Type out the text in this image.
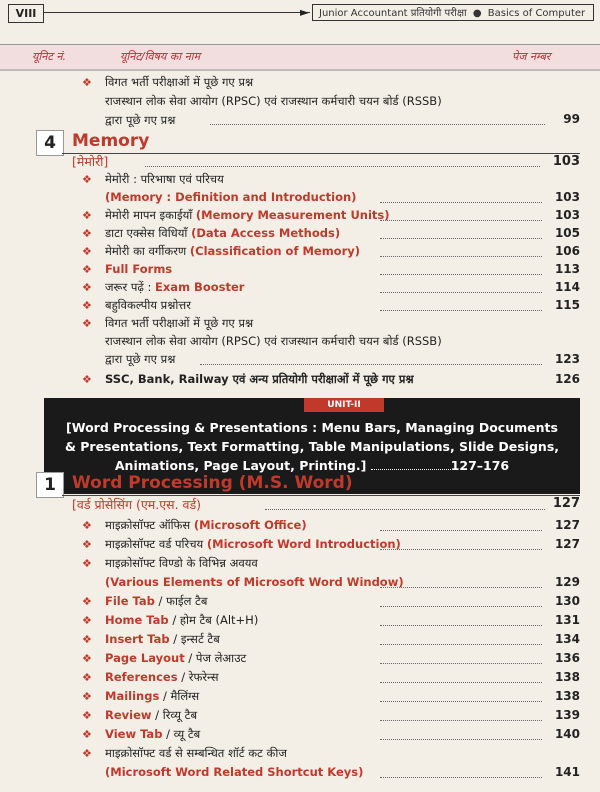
VIII	► Junior Accountant प्रतियोगी परीक्षा ● Basics of Computer
यूनिट नं.	यूनिट/विषय का नाम	पेज नम्बर
❖ विगत भर्ती परीक्षाओं में पूछे गए प्रश्न
राजस्थान लोक सेवा आयोग (RPSC) एवं राजस्थान कर्मचारी चयन बोर्ड (RSSB)
द्वारा पूछे गए प्रश्न	99
4 Memory
[मेमोरी]	103
❖ मेमोरी : परिभाषा एवं परिचय
(Memory : Definition and Introduction)	103
❖ मेमोरी मापन इकाईयाँ (Memory Measurement Units)	103
❖ डाटा एक्सेस विधियाँ (Data Access Methods)	105
❖ मेमोरी का वर्गीकरण (Classification of Memory)	106
❖ Full Forms	113
❖ जरूर पढ़ें : Exam Booster	114
❖ बहुविकल्पीय प्रश्नोत्तर	115
❖ विगत भर्ती परीक्षाओं में पूछे गए प्रश्न
राजस्थान लोक सेवा आयोग (RPSC) एवं राजस्थान कर्मचारी चयन बोर्ड (RSSB)
द्वारा पूछे गए प्रश्न	123
❖ SSC, Bank, Railway एवं अन्य प्रतियोगी परीक्षाओं में पूछे गए प्रश्न	126
UNIT-II
[Word Processing & Presentations : Menu Bars, Managing Documents
& Presentations, Text Formatting, Table Manipulations, Slide Designs,
Animations, Page Layout, Printing.]	127–176
1 Word Processing (M.S. Word)
[वर्ड प्रोसेसिंग (एम.एस. वर्ड)	127
❖ माइक्रोसॉफ्ट ऑफिस (Microsoft Office)	127
❖ माइक्रोसॉफ्ट वर्ड परिचय (Microsoft Word Introduction)	127
❖ माइक्रोसॉफ्ट विण्डो के विभिन्न अवयव
(Various Elements of Microsoft Word Window)	129
❖ File Tab / फाईल टैब	130
❖ Home Tab / होम टैब (Alt+H)	131
❖ Insert Tab / इन्सर्ट टैब	134
❖ Page Layout / पेज लेआउट	136
❖ References / रेफरेन्स	138
❖ Mailings / मैलिंग्स	138
❖ Review / रिव्यू टैब	139
❖ View Tab / व्यू टैब	140
❖ माइक्रोसॉफ्ट वर्ड से सम्बन्धित शॉर्ट कट कीज
(Microsoft Word Related Shortcut Keys)	141
